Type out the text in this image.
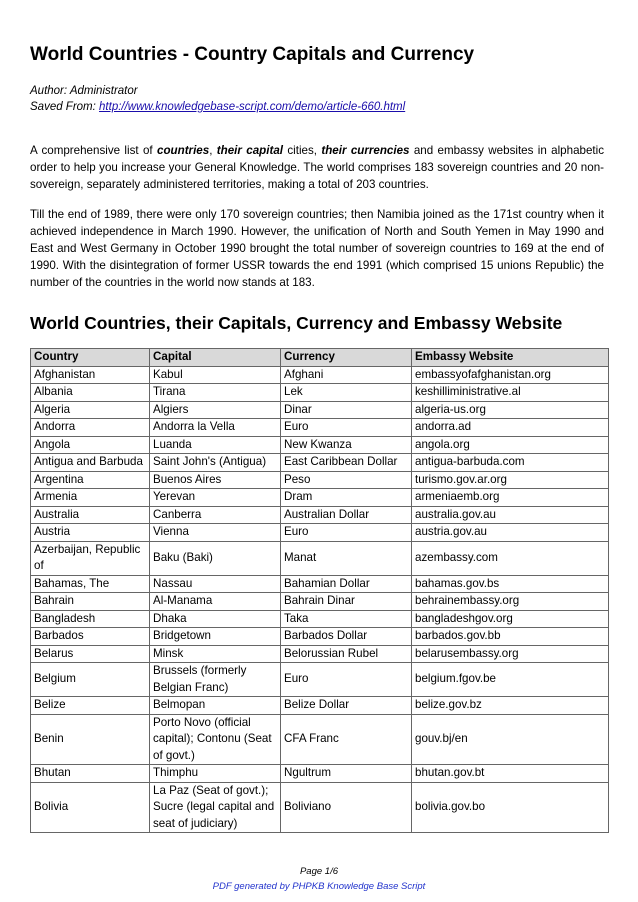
World Countries - Country Capitals and Currency
Author: Administrator
Saved From: http://www.knowledgebase-script.com/demo/article-660.html

A comprehensive list of countries, their capital cities, their currencies and embassy websites in alphabetic order to help you increase your General Knowledge. The world comprises 183 sovereign countries and 20 non-sovereign, separately administered territories, making a total of 203 countries.

Till the end of 1989, there were only 170 sovereign countries; then Namibia joined as the 171st country when it achieved independence in March 1990. However, the unification of North and South Yemen in May 1990 and East and West Germany in October 1990 brought the total number of sovereign countries to 169 at the end of 1990. With the disintegration of former USSR towards the end 1991 (which comprised 15 unions Republic) the number of the countries in the world now stands at 183.

World Countries, their Capitals, Currency and Embassy Website
Country	Capital	Currency	Embassy Website
Afghanistan	Kabul	Afghani	embassyofafghanistan.org
Albania	Tirana	Lek	keshilliministrative.al
Algeria	Algiers	Dinar	algeria-us.org
Andorra	Andorra la Vella	Euro	andorra.ad
Angola	Luanda	New Kwanza	angola.org
Antigua and Barbuda	Saint John's (Antigua)	East Caribbean Dollar	antigua-barbuda.com
Argentina	Buenos Aires	Peso	turismo.gov.ar.org
Armenia	Yerevan	Dram	armeniaemb.org
Australia	Canberra	Australian Dollar	australia.gov.au
Austria	Vienna	Euro	austria.gov.au
Azerbaijan, Republic of	Baku (Baki)	Manat	azembassy.com
Bahamas, The	Nassau	Bahamian Dollar	bahamas.gov.bs
Bahrain	Al-Manama	Bahrain Dinar	behrainembassy.org
Bangladesh	Dhaka	Taka	bangladeshgov.org
Barbados	Bridgetown	Barbados Dollar	barbados.gov.bb
Belarus	Minsk	Belorussian Rubel	belarusembassy.org
Belgium	Brussels (formerly Belgian Franc)	Euro	belgium.fgov.be
Belize	Belmopan	Belize Dollar	belize.gov.bz
Benin	Porto Novo (official capital); Contonu (Seat of govt.)	CFA Franc	gouv.bj/en
Bhutan	Thimphu	Ngultrum	bhutan.gov.bt
Bolivia	La Paz (Seat of govt.); Sucre (legal capital and seat of judiciary)	Boliviano	bolivia.gov.bo
Page 1/6
PDF generated by PHPKB Knowledge Base Script
